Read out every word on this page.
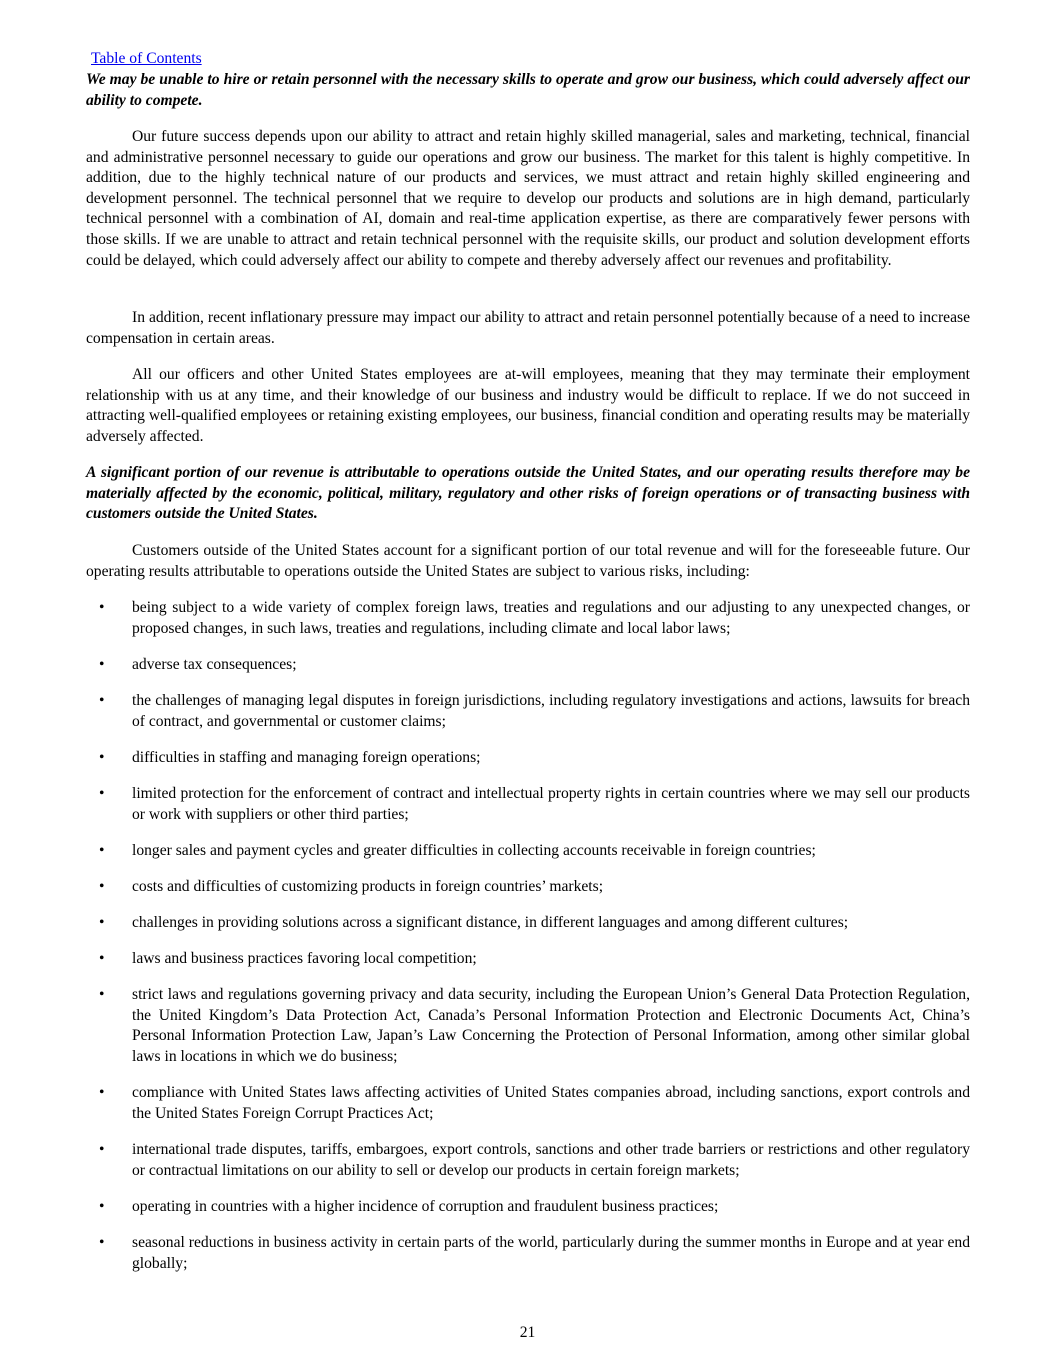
Table of Contents

We may be unable to hire or retain personnel with the necessary skills to operate and grow our business, which could adversely affect our ability to compete.

Our future success depends upon our ability to attract and retain highly skilled managerial, sales and marketing, technical, financial and administrative personnel necessary to guide our operations and grow our business. The market for this talent is highly competitive. In addition, due to the highly technical nature of our products and services, we must attract and retain highly skilled engineering and development personnel. The technical personnel that we require to develop our products and solutions are in high demand, particularly technical personnel with a combination of AI, domain and real-time application expertise, as there are comparatively fewer persons with those skills. If we are unable to attract and retain technical personnel with the requisite skills, our product and solution development efforts could be delayed, which could adversely affect our ability to compete and thereby adversely affect our revenues and profitability.

In addition, recent inflationary pressure may impact our ability to attract and retain personnel potentially because of a need to increase compensation in certain areas.

All our officers and other United States employees are at-will employees, meaning that they may terminate their employment relationship with us at any time, and their knowledge of our business and industry would be difficult to replace. If we do not succeed in attracting well-qualified employees or retaining existing employees, our business, financial condition and operating results may be materially adversely affected.

A significant portion of our revenue is attributable to operations outside the United States, and our operating results therefore may be materially affected by the economic, political, military, regulatory and other risks of foreign operations or of transacting business with customers outside the United States.

Customers outside of the United States account for a significant portion of our total revenue and will for the foreseeable future. Our operating results attributable to operations outside the United States are subject to various risks, including:

• being subject to a wide variety of complex foreign laws, treaties and regulations and our adjusting to any unexpected changes, or proposed changes, in such laws, treaties and regulations, including climate and local labor laws;
• adverse tax consequences;
• the challenges of managing legal disputes in foreign jurisdictions, including regulatory investigations and actions, lawsuits for breach of contract, and governmental or customer claims;
• difficulties in staffing and managing foreign operations;
• limited protection for the enforcement of contract and intellectual property rights in certain countries where we may sell our products or work with suppliers or other third parties;
• longer sales and payment cycles and greater difficulties in collecting accounts receivable in foreign countries;
• costs and difficulties of customizing products in foreign countries’ markets;
• challenges in providing solutions across a significant distance, in different languages and among different cultures;
• laws and business practices favoring local competition;
• strict laws and regulations governing privacy and data security, including the European Union’s General Data Protection Regulation, the United Kingdom’s Data Protection Act, Canada’s Personal Information Protection and Electronic Documents Act, China’s Personal Information Protection Law, Japan’s Law Concerning the Protection of Personal Information, among other similar global laws in locations in which we do business;
• compliance with United States laws affecting activities of United States companies abroad, including sanctions, export controls and the United States Foreign Corrupt Practices Act;
• international trade disputes, tariffs, embargoes, export controls, sanctions and other trade barriers or restrictions and other regulatory or contractual limitations on our ability to sell or develop our products in certain foreign markets;
• operating in countries with a higher incidence of corruption and fraudulent business practices;
• seasonal reductions in business activity in certain parts of the world, particularly during the summer months in Europe and at year end globally;
21
